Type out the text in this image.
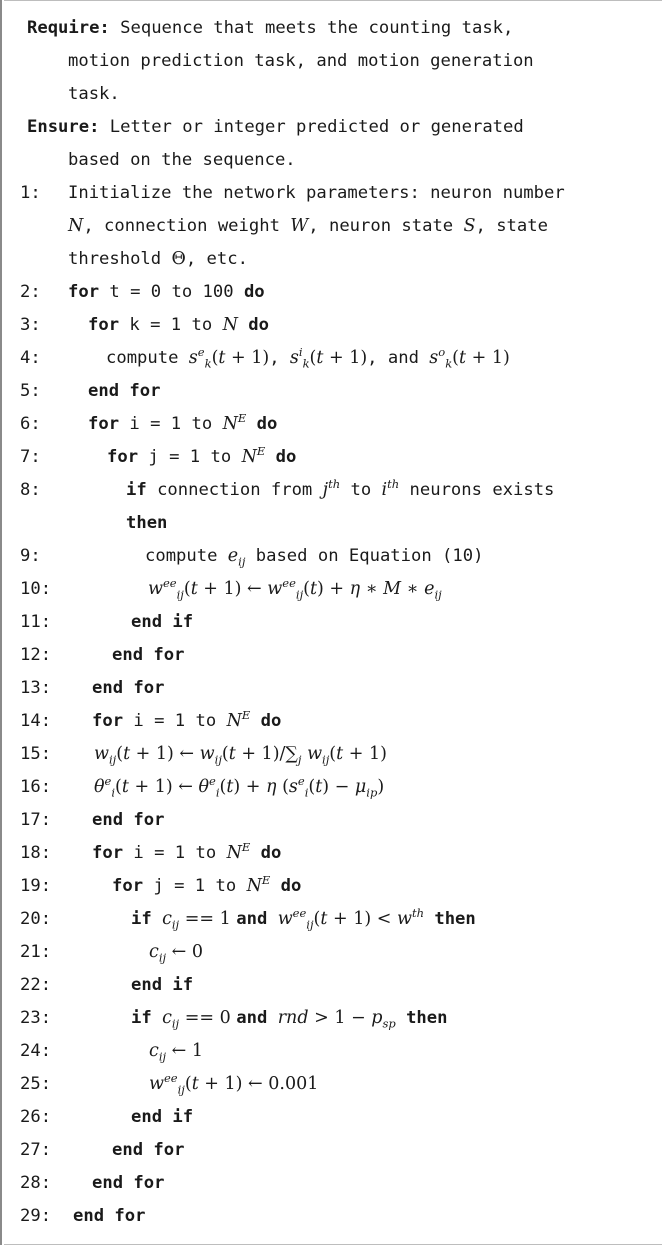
Require: Sequence that meets the counting task,
motion prediction task, and motion generation
task.
Ensure: Letter or integer predicted or generated
based on the sequence.
1:	Initialize the network parameters: neuron number
N, connection weight W, neuron state S, state
threshold Θ, etc.
2:	for t = 0 to 100 do
3:	for k = 1 to N do
4:	compute $s^e_k(t + 1)$, $s^i_k(t + 1)$, and $s^o_k(t + 1)$
5:	end for
6:	for i = 1 to $N^E$ do
7:	for j = 1 to $N^E$ do
8:	if connection from $j^{th}$ to $i^{th}$ neurons exists
then
9:	compute $e_{ij}$ based on Equation (10)
10:	$w^{ee}_{ij}(t + 1)$ ← $w^{ee}_{ij}(t) + \eta$ ∗ M ∗ $e_{ij}$
11:	end if
12:	end for
13:	end for
14:	for i = 1 to $N^E$ do
15:	$w_{ij}(t + 1)$ ← $w_{ij}(t + 1)/\sum_j$ $w_{ij}(t + 1)$
16:	$\theta^e_i(t + 1)$ ← $\theta^e_i(t) + \eta$ $(s^e_i(t) - \mu_{ip})$
17:	end for
18:	for i = 1 to $N^E$ do
19:	for j = 1 to $N^E$ do
20:	if $c_{ij} == 1$ and $w^{ee}_{ij}(t + 1) < w^{th}$ then
21:	$c_{ij}$ ← 0
22:	end if
23:	if $c_{ij} == 0$ and rnd > $1 - p_{sp}$ then
24:	$c_{ij}$ ← 1
25:	$w^{ee}_{ij}(t + 1)$ ← 0.001
26:	end if
27:	end for
28:	end for
29:	end for
